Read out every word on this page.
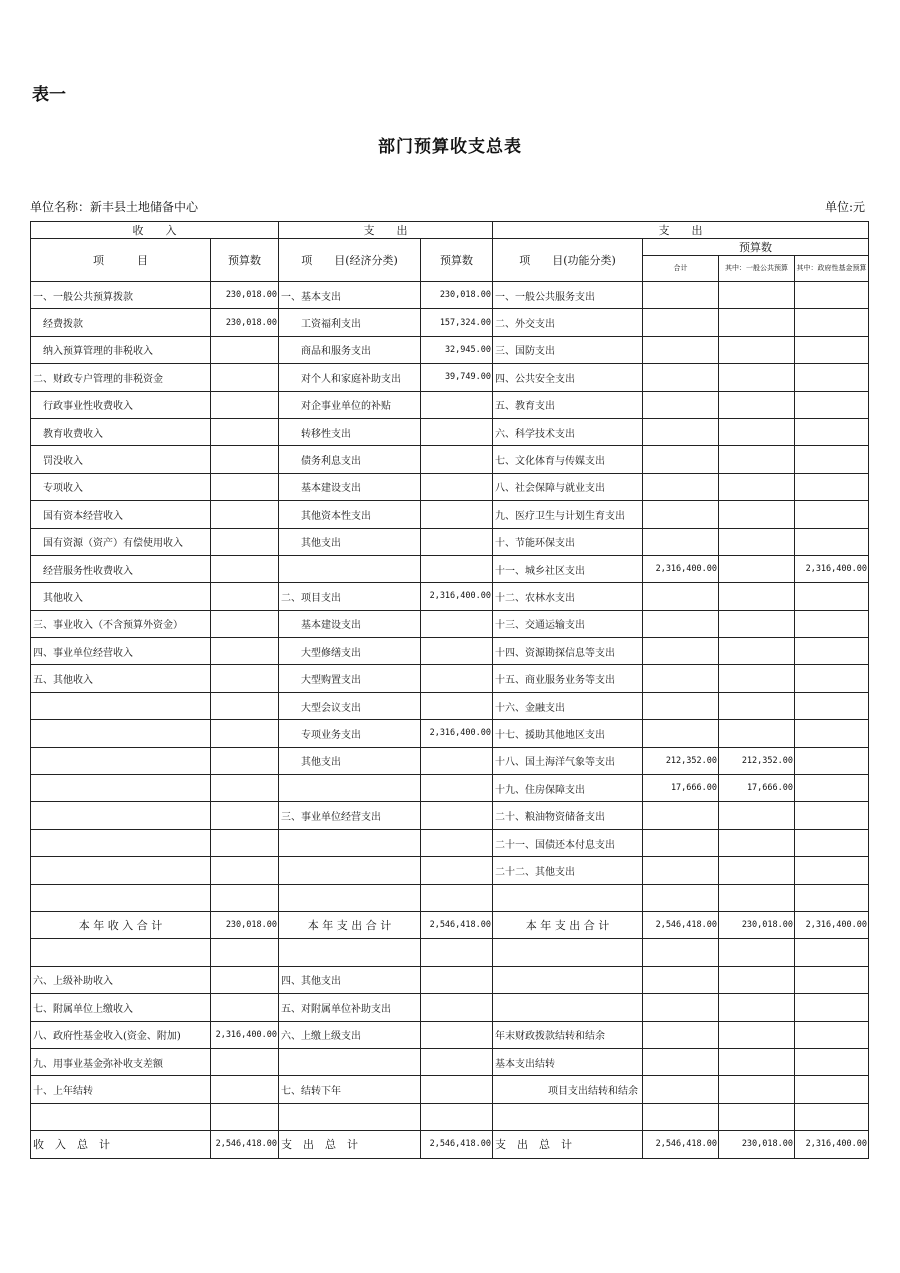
表一
部门预算收支总表
单位名称：新丰县土地储备中心	单位:元
收　　入		支　　出		支　　出			
项　　　目	预算数	项　　目(经济分类)	预算数	项　　目(功能分类)	预算数		
					合计	其中：一般公共预算	其中：政府性基金预算
一、一般公共预算拨款	230,018.00	一、基本支出	230,018.00	一、一般公共服务支出			
经费拨款	230,018.00	工资福利支出	157,324.00	二、外交支出			
纳入预算管理的非税收入		商品和服务支出	32,945.00	三、国防支出			
二、财政专户管理的非税资金		对个人和家庭补助支出	39,749.00	四、公共安全支出			
行政事业性收费收入		对企事业单位的补贴		五、教育支出			
教育收费收入		转移性支出		六、科学技术支出			
罚没收入		债务利息支出		七、文化体育与传媒支出			
专项收入		基本建设支出		八、社会保障与就业支出			
国有资本经营收入		其他资本性支出		九、医疗卫生与计划生育支出			
国有资源（资产）有偿使用收入		其他支出		十、节能环保支出			
经营服务性收费收入				十一、城乡社区支出	2,316,400.00		2,316,400.00
其他收入		二、项目支出	2,316,400.00	十二、农林水支出			
三、事业收入（不含预算外资金）		基本建设支出		十三、交通运输支出			
四、事业单位经营收入		大型修缮支出		十四、资源勘探信息等支出			
五、其他收入		大型购置支出		十五、商业服务业务等支出			
		大型会议支出		十六、金融支出			
		专项业务支出	2,316,400.00	十七、援助其他地区支出			
		其他支出		十八、国土海洋气象等支出	212,352.00	212,352.00	
				十九、住房保障支出	17,666.00	17,666.00	
		三、事业单位经营支出		二十、粮油物资储备支出			
				二十一、国债还本付息支出			
				二十二、其他支出			

本 年 收 入 合 计	230,018.00	本 年 支 出 合 计	2,546,418.00	本 年 支 出 合 计	2,546,418.00	230,018.00	2,316,400.00

六、上级补助收入		四、其他支出					
七、附属单位上缴收入		五、对附属单位补助支出					
八、政府性基金收入(资金、附加)	2,316,400.00	六、上缴上级支出		年末财政拨款结转和结余			
九、用事业基金弥补收支差额				基本支出结转			
十、上年结转		七、结转下年		项目支出结转和结余			

收　入　总　计	2,546,418.00	支　出　总　计	2,546,418.00	支　出　总　计	2,546,418.00	230,018.00	2,316,400.00
